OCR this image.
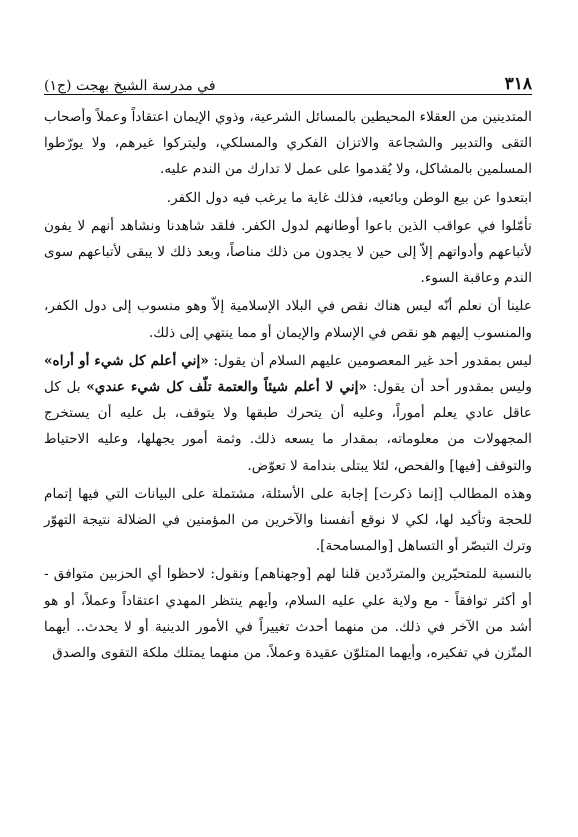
٣١٨
في مدرسة الشيخ بهجت (ج١)

المتدينين من العقلاء المحيطين بالمسائل الشرعية، وذوي الإيمان اعتقاداً وعملاً وأصحاب التقى والتدبير والشجاعة والاتزان الفكري والمسلكي، وليتركوا غيرهم، ولا يورّطوا المسلمين بالمشاكل، ولا يُقدموا على عمل لا تدارك من الندم عليه.

ابتعدوا عن بيع الوطن وبائعيه، فذلك غاية ما يرغب فيه دول الكفر.

تأمّلوا في عواقب الذين باعوا أوطانهم لدول الكفر. فلقد شاهدنا ونشاهد أنهم لا يفون لأتباعهم وأدواتهم إلاّ إلى حين لا يجدون من ذلك مناصاً، وبعد ذلك لا يبقى لأتباعهم سوى الندم وعاقبة السوء.

علينا أن نعلم أنّه ليس هناك نقص في البلاد الإسلامية إلاّ وهو منسوب إلى دول الكفر، والمنسوب إليهم هو نقص في الإسلام والإيمان أو مما ينتهي إلى ذلك.

ليس بمقدور أحد غير المعصومين عليهم السلام أن يقول: «إني أعلم كل شيء أو أراه» وليس بمقدور أحد أن يقول: «إني لا أعلم شيئاً والعتمة تلّف كل شيء عندي» بل كل عاقل عادي يعلم أموراً، وعليه أن يتحرك طبقها ولا يتوقف، بل عليه أن يستخرج المجهولات من معلوماته، بمقدار ما يسعه ذلك. وثمة أمور يجهلها، وعليه الاحتياط والتوقف [فيها] والفحص، لئلا يبتلى بندامة لا تعوّض.

وهذه المطالب [إنما ذكرت] إجابة على الأسئلة، مشتملة على البيانات التي فيها إتمام للحجة وتأكيد لها، لكي لا نوقع أنفسنا والآخرين من المؤمنين في الضلالة نتيجة التهوّر وترك التبصّر أو التساهل [والمسامحة].

بالنسبة للمتحيّرين والمتردّدين قلنا لهم [وجهناهم] ونقول: لاحظوا أي الحزبين متوافق - أو أكثر توافقاً - مع ولاية علي عليه السلام، وأيهم ينتظر المهدي اعتقاداً وعملاً، أو هو أشد من الآخر في ذلك. من منهما أحدث تغييراً في الأمور الدينية أو لا يحدث.. أيهما المتّزن في تفكيره، وأيهما المتلوّن عقيدة وعملاً. من منهما يمتلك ملكة التقوى والصدق
